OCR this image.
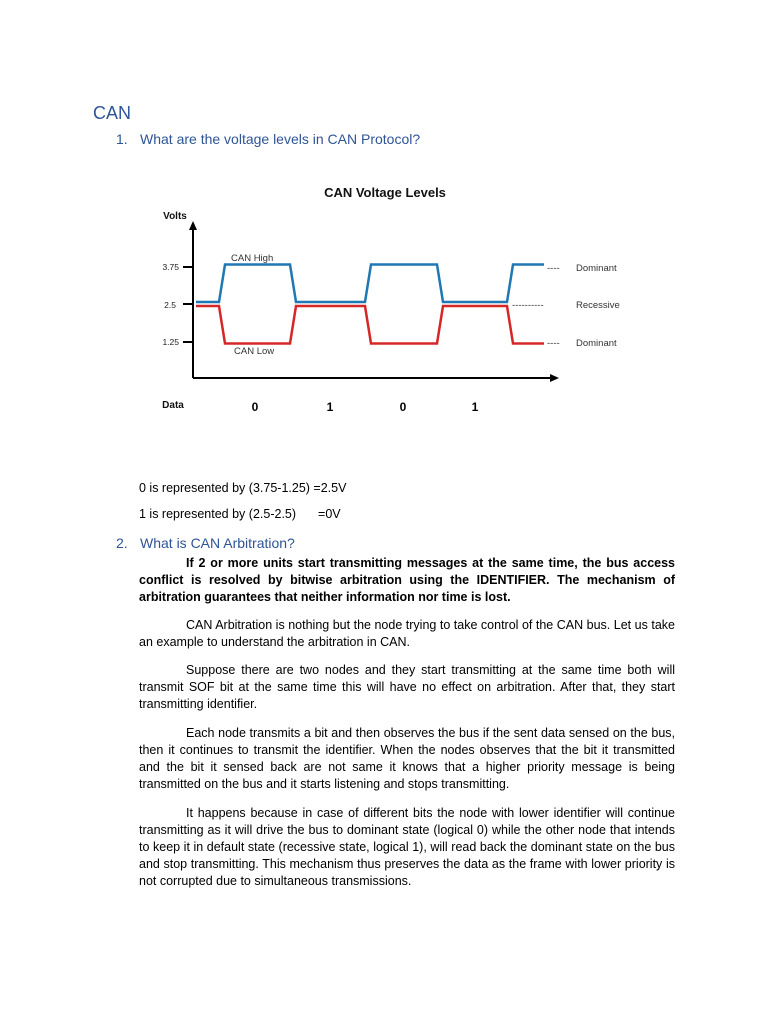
CAN
1. What are the voltage levels in CAN Protocol?
CAN Voltage Levels
Volts
Data
3.75
2.5
1.25
0	1	0	1
CAN High
CAN Low
---- Dominant
----------	Recessive
---- Dominant
0 is represented by (3.75-1.25) =2.5V
1 is represented by (2.5-2.5) =0V
2. What is CAN Arbitration?

If 2 or more units start transmitting messages at the same time, the bus access conflict is resolved by bitwise arbitration using the IDENTIFIER. The mechanism of arbitration guarantees that neither information nor time is lost.

CAN Arbitration is nothing but the node trying to take control of the CAN bus. Let us take an example to understand the arbitration in CAN.

Suppose there are two nodes and they start transmitting at the same time both will transmit SOF bit at the same time this will have no effect on arbitration. After that, they start transmitting identifier.

Each node transmits a bit and then observes the bus if the sent data sensed on the bus, then it continues to transmit the identifier. When the nodes observes that the bit it transmitted and the bit it sensed back are not same it knows that a higher priority message is being transmitted on the bus and it starts listening and stops transmitting.

It happens because in case of different bits the node with lower identifier will continue transmitting as it will drive the bus to dominant state (logical 0) while the other node that intends to keep it in default state (recessive state, logical 1), will read back the dominant state on the bus and stop transmitting. This mechanism thus preserves the data as the frame with lower priority is not corrupted due to simultaneous transmissions.
